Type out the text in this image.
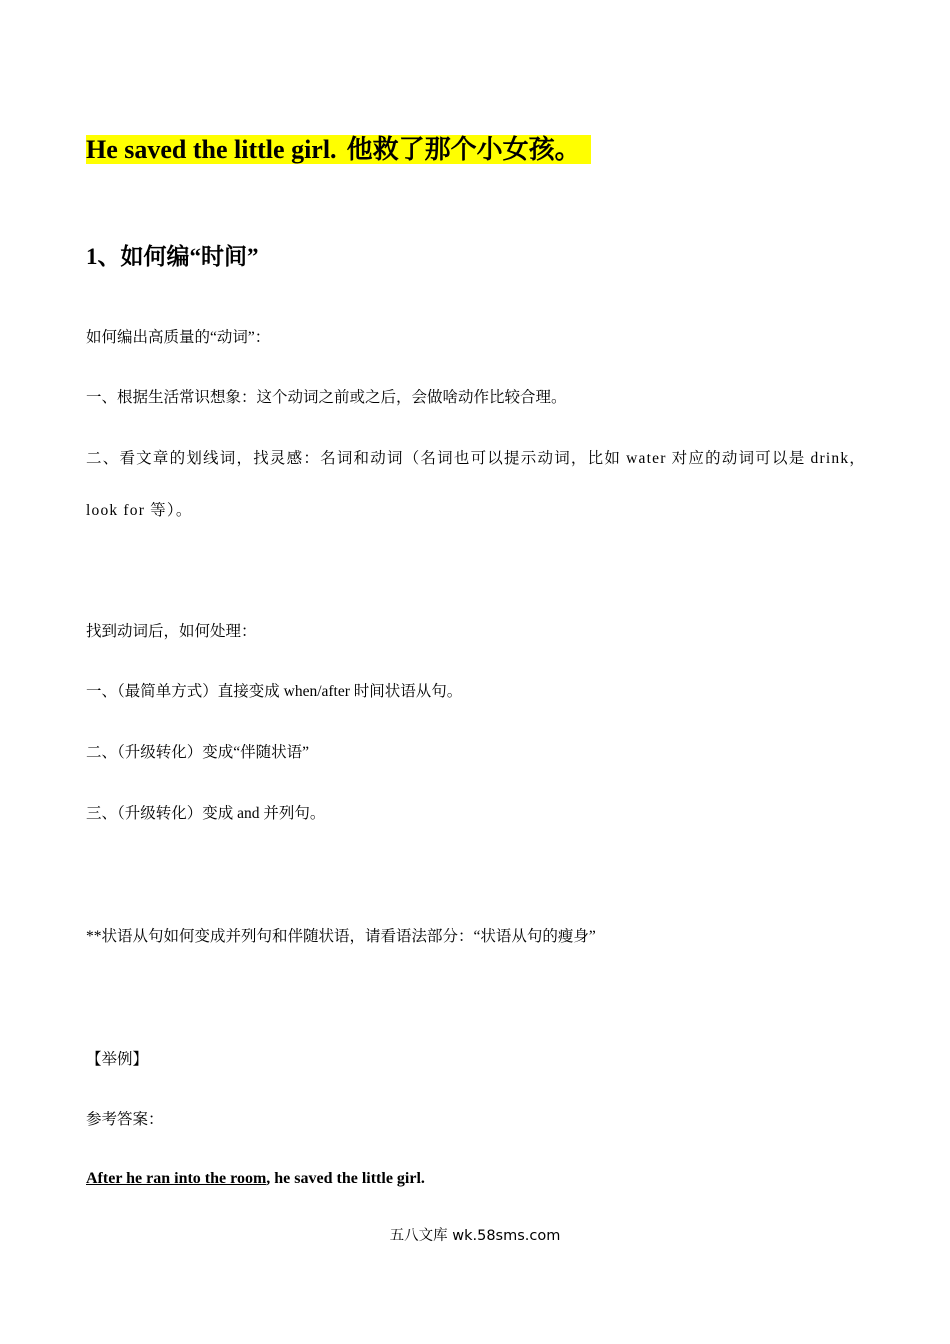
He saved the little girl. 他救了那个小女孩。
1、如何编“时间”
如何编出高质量的“动词”：
一、根据生活常识想象：这个动词之前或之后，会做啥动作比较合理。
二、看文章的划线词，找灵感：名词和动词（名词也可以提示动词，比如 water 对应的动词可以是 drink，look for 等）。
找到动词后，如何处理：
一、（最简单方式）直接变成 when/after 时间状语从句。
二、（升级转化）变成“伴随状语”
三、（升级转化）变成 and 并列句。
**状语从句如何变成并列句和伴随状语，请看语法部分：“状语从句的瘦身”
【举例】
参考答案：
After he ran into the room, he saved the little girl.
五八文库 wk.58sms.com
